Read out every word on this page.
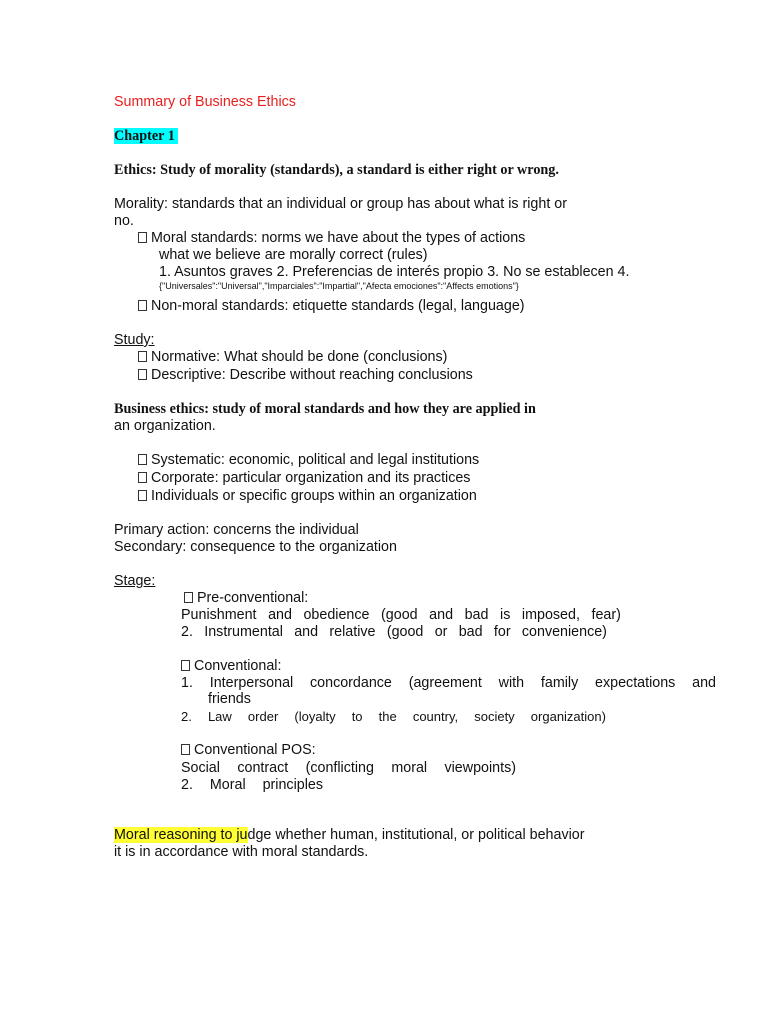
Summary of Business Ethics
Chapter 1
Ethics: Study of morality (standards), a standard is either right or wrong.
Morality: standards that an individual or group has about what is right or
no.
Moral standards: norms we have about the types of actions
what we believe are morally correct (rules)
1. Asuntos graves 2. Preferencias de interés propio 3. No se establecen 4.
{"Universales":"Universal","Imparciales":"Impartial","Afecta emociones":"Affects emotions"}
Non-moral standards: etiquette standards (legal, language)
Study:
Normative: What should be done (conclusions)
Descriptive: Describe without reaching conclusions
Business ethics: study of moral standards and how they are applied in
an organization.
Systematic: economic, political and legal institutions
Corporate: particular organization and its practices
Individuals or specific groups within an organization
Primary action: concerns the individual
Secondary: consequence to the organization
Stage:
Pre-conventional:
Punishment and obedience (good and bad is imposed, fear)
2. Instrumental and relative (good or bad for convenience)
Conventional:
1. Interpersonal concordance (agreement with family expectations and
friends
2. Law order (loyalty to the country, society organization)
Conventional POS:
Social contract (conflicting moral viewpoints)
2. Moral principles
Moral reasoning to judge whether human, institutional, or political behavior
it is in accordance with moral standards.
